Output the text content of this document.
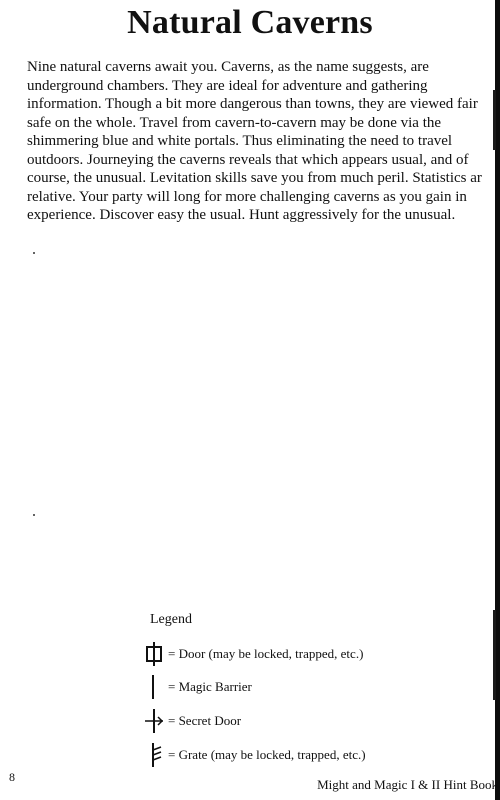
Natural Caverns

Nine natural caverns await you. Caverns, as the name suggests, are underground chambers. They are ideal for adventure and gathering information. Though a bit more dangerous than towns, they are viewed fair safe on the whole. Travel from cavern-to-cavern may be done via the shimmering blue and white portals. Thus eliminating the need to travel outdoors. Journeying the caverns reveals that which appears usual, and of course, the unusual. Levitation skills save you from much peril. Statistics ar relative. Your party will long for more challenging caverns as you gain in experience. Discover easy the usual. Hunt aggressively for the unusual.

Legend

= Door (may be locked, trapped, etc.)
= Magic Barrier
= Secret Door
= Grate (may be locked, trapped, etc.)
8	Might and Magic I & II Hint Book
